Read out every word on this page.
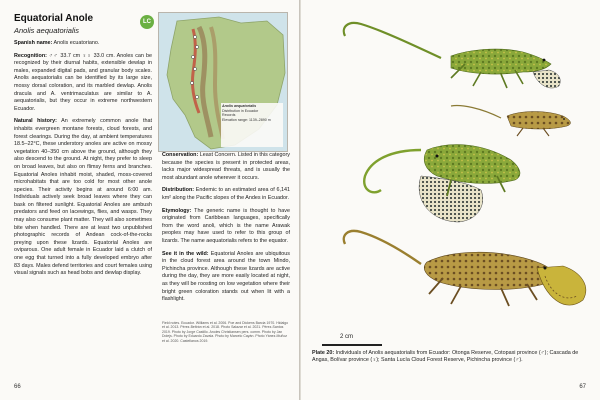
Equatorial Anole
Anolis aequatorialis
LC
Anolis aequatorialis
Distribution in Ecuador
Records
Elevation range: 1139–2890 m

Spanish name: Anolis ecuatoriano.

Recognition: ♂♂ 33.7 cm ♀♀ 33.0 cm. Anoles can be recognized by their diurnal habits, extensible dewlap in males, expanded digital pads, and granular body scales. Anolis aequatorialis can be identified by its large size, mossy dorsal coloration, and its marbled dewlap. Anolis dracula and A. ventrimaculatus are similar to A. aequatorialis, but they occur in extreme northwestern Ecuador.

Natural history: An extremely common anole that inhabits evergreen montane forests, cloud forests, and forest clearings. During the day, at ambient temperatures 18.5–22°C, these understory anoles are active on mossy vegetation 40–350 cm above the ground, although they also descend to the ground. At night, they prefer to sleep on broad leaves, but also on flimsy ferns and branches. Equatorial Anoles inhabit moist, shaded, moss-covered microhabitats that are too cold for most other anole species. Their activity begins at around 6:00 am. Individuals actively seek broad leaves where they can bask on filtered sunlight. Equatorial Anoles are ambush predators and feed on lacewings, flies, and wasps. They may also consume plant matter. They will also sometimes bite when handled. There are at least two unpublished photographic records of Andean cock-of-the-rocks preying upon these lizards. Equatorial Anoles are oviparous. One adult female in Ecuador laid a clutch of one egg that turned into a fully developed embryo after 83 days. Males defend territories and court females using visual signals such as head bobs and dewlap display.

Conservation: Least Concern. Listed in this category because the species is present in protected areas, lacks major widespread threats, and is usually the most abundant anole wherever it occurs.

Distribution: Endemic to an estimated area of 6,141 km² along the Pacific slopes of the Andes in Ecuador.

Etymology: The generic name is thought to have originated from Caribbean languages, specifically from the word anoli, which is the name Arawak peoples may have used to refer to this group of lizards. The name aequatorialis refers to the equator.

See it in the wild: Equatorial Anoles are ubiquitous in the cloud forest area around the town Mindo, Pichincha province. Although these lizards are active during the day, they are more easily located at night, as they will be roosting on low vegetation where their bright green coloration stands out when lit with a flashlight.

Field notes. Ecuador. Williams et al. 2006. Poe and Dickens Barcia 1970. Hidalgo et al. 2013. Pérez-Beltrán et al. 2018. Photo Salazar et al. 2021. Pérez-Santos 2019. Photo by Jorge Castillo. Anoles Christiansen pers. comm. Photo by Jan Dolejs. Photo by Eduardo Zavala. Photo by Marcelo Cayán. Photo Yánez-Muñoz et al. 2020. Castellanos 2019.
66
2 cm
Plate 20: Individuals of Anolis aequatorialis from Ecuador: Otonga Reserve, Cotopaxi province (♂); Cascada de Angas, Bolívar province (♀); Santa Lucía Cloud Forest Reserve, Pichincha province (♂).
67
